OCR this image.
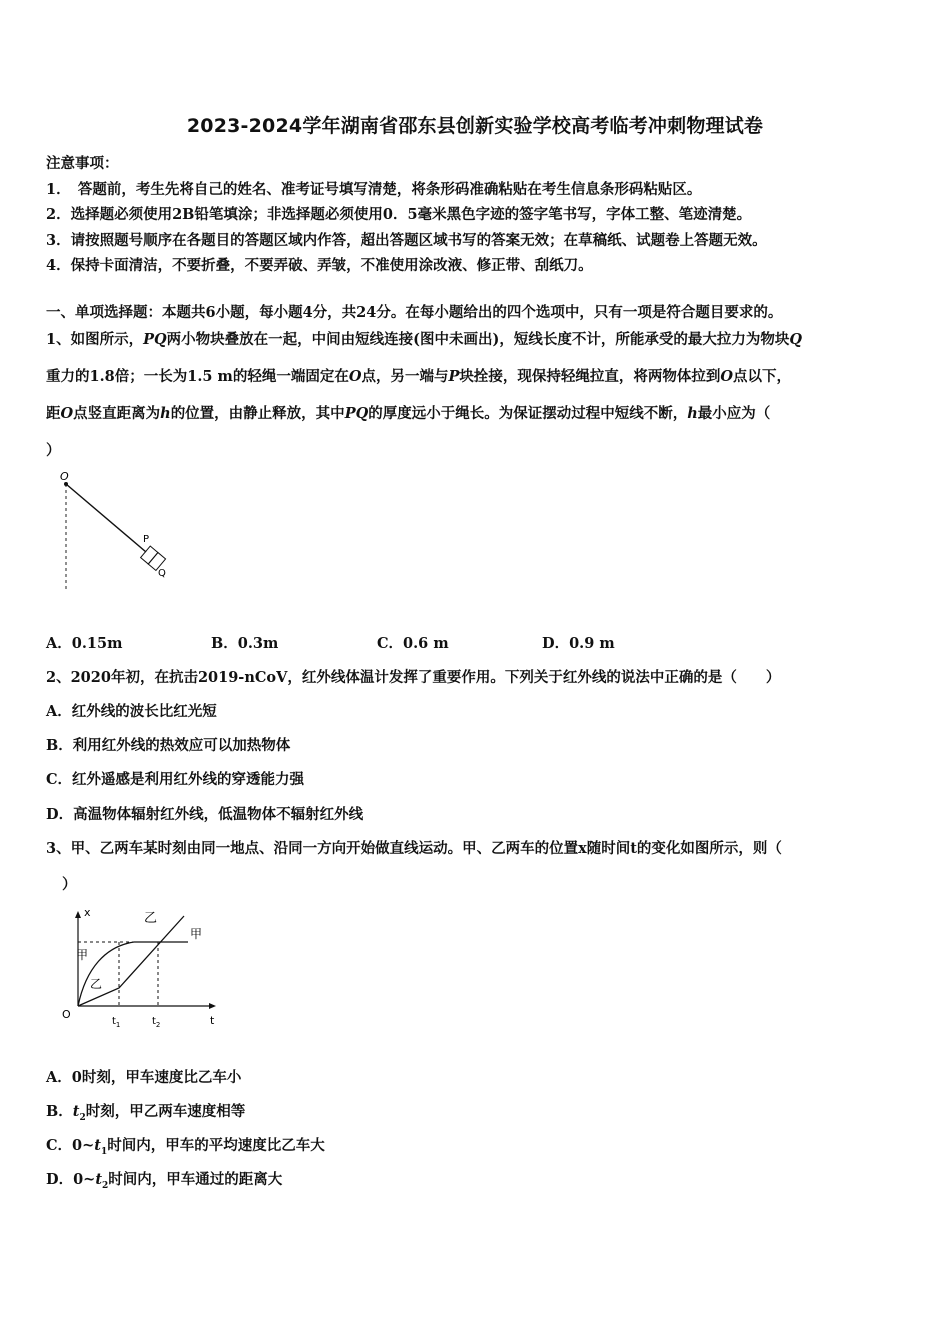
2023-2024学年湖南省邵东县创新实验学校高考临考冲刺物理试卷
注意事项：
1．　答题前，考生先将自己的姓名、准考证号填写清楚，将条形码准确粘贴在考生信息条形码粘贴区。
2．选择题必须使用2B铅笔填涂；非选择题必须使用0．5毫米黑色字迹的签字笔书写，字体工整、笔迹清楚。
3．请按照题号顺序在各题目的答题区域内作答，超出答题区域书写的答案无效；在草稿纸、试题卷上答题无效。
4．保持卡面清洁，不要折叠，不要弄破、弄皱，不准使用涂改液、修正带、刮纸刀。
一、单项选择题：本题共6小题，每小题4分，共24分。在每小题给出的四个选项中，只有一项是符合题目要求的。
1、如图所示，PQ两小物块叠放在一起，中间由短线连接(图中未画出)，短线长度不计，所能承受的最大拉力为物块Q
重力的1.8倍；一长为1.5 m的轻绳一端固定在O点，另一端与P块拴接，现保持轻绳拉直，将两物体拉到O点以下，
距O点竖直距离为h的位置，由静止释放，其中PQ的厚度远小于绳长。为保证摆动过程中短线不断，h最小应为（
）
O
P
Q
A．0.15m	B．0.3m	C．0.6 m	D．0.9 m
2、2020年初，在抗击2019-nCoV，红外线体温计发挥了重要作用。下列关于红外线的说法中正确的是（　　）
A．红外线的波长比红光短
B．利用红外线的热效应可以加热物体
C．红外遥感是利用红外线的穿透能力强
D．高温物体辐射红外线，低温物体不辐射红外线
3、甲、乙两车某时刻由同一地点、沿同一方向开始做直线运动。甲、乙两车的位置x随时间t的变化如图所示，则（
）
x
t
O
甲
甲
乙
乙
$t_1$	$t_2$
A．0时刻，甲车速度比乙车小
B．$t_2$时刻，甲乙两车速度相等
C．$0\sim t_1$时间内，甲车的平均速度比乙车大
D．$0\sim t_2$时间内，甲车通过的距离大
